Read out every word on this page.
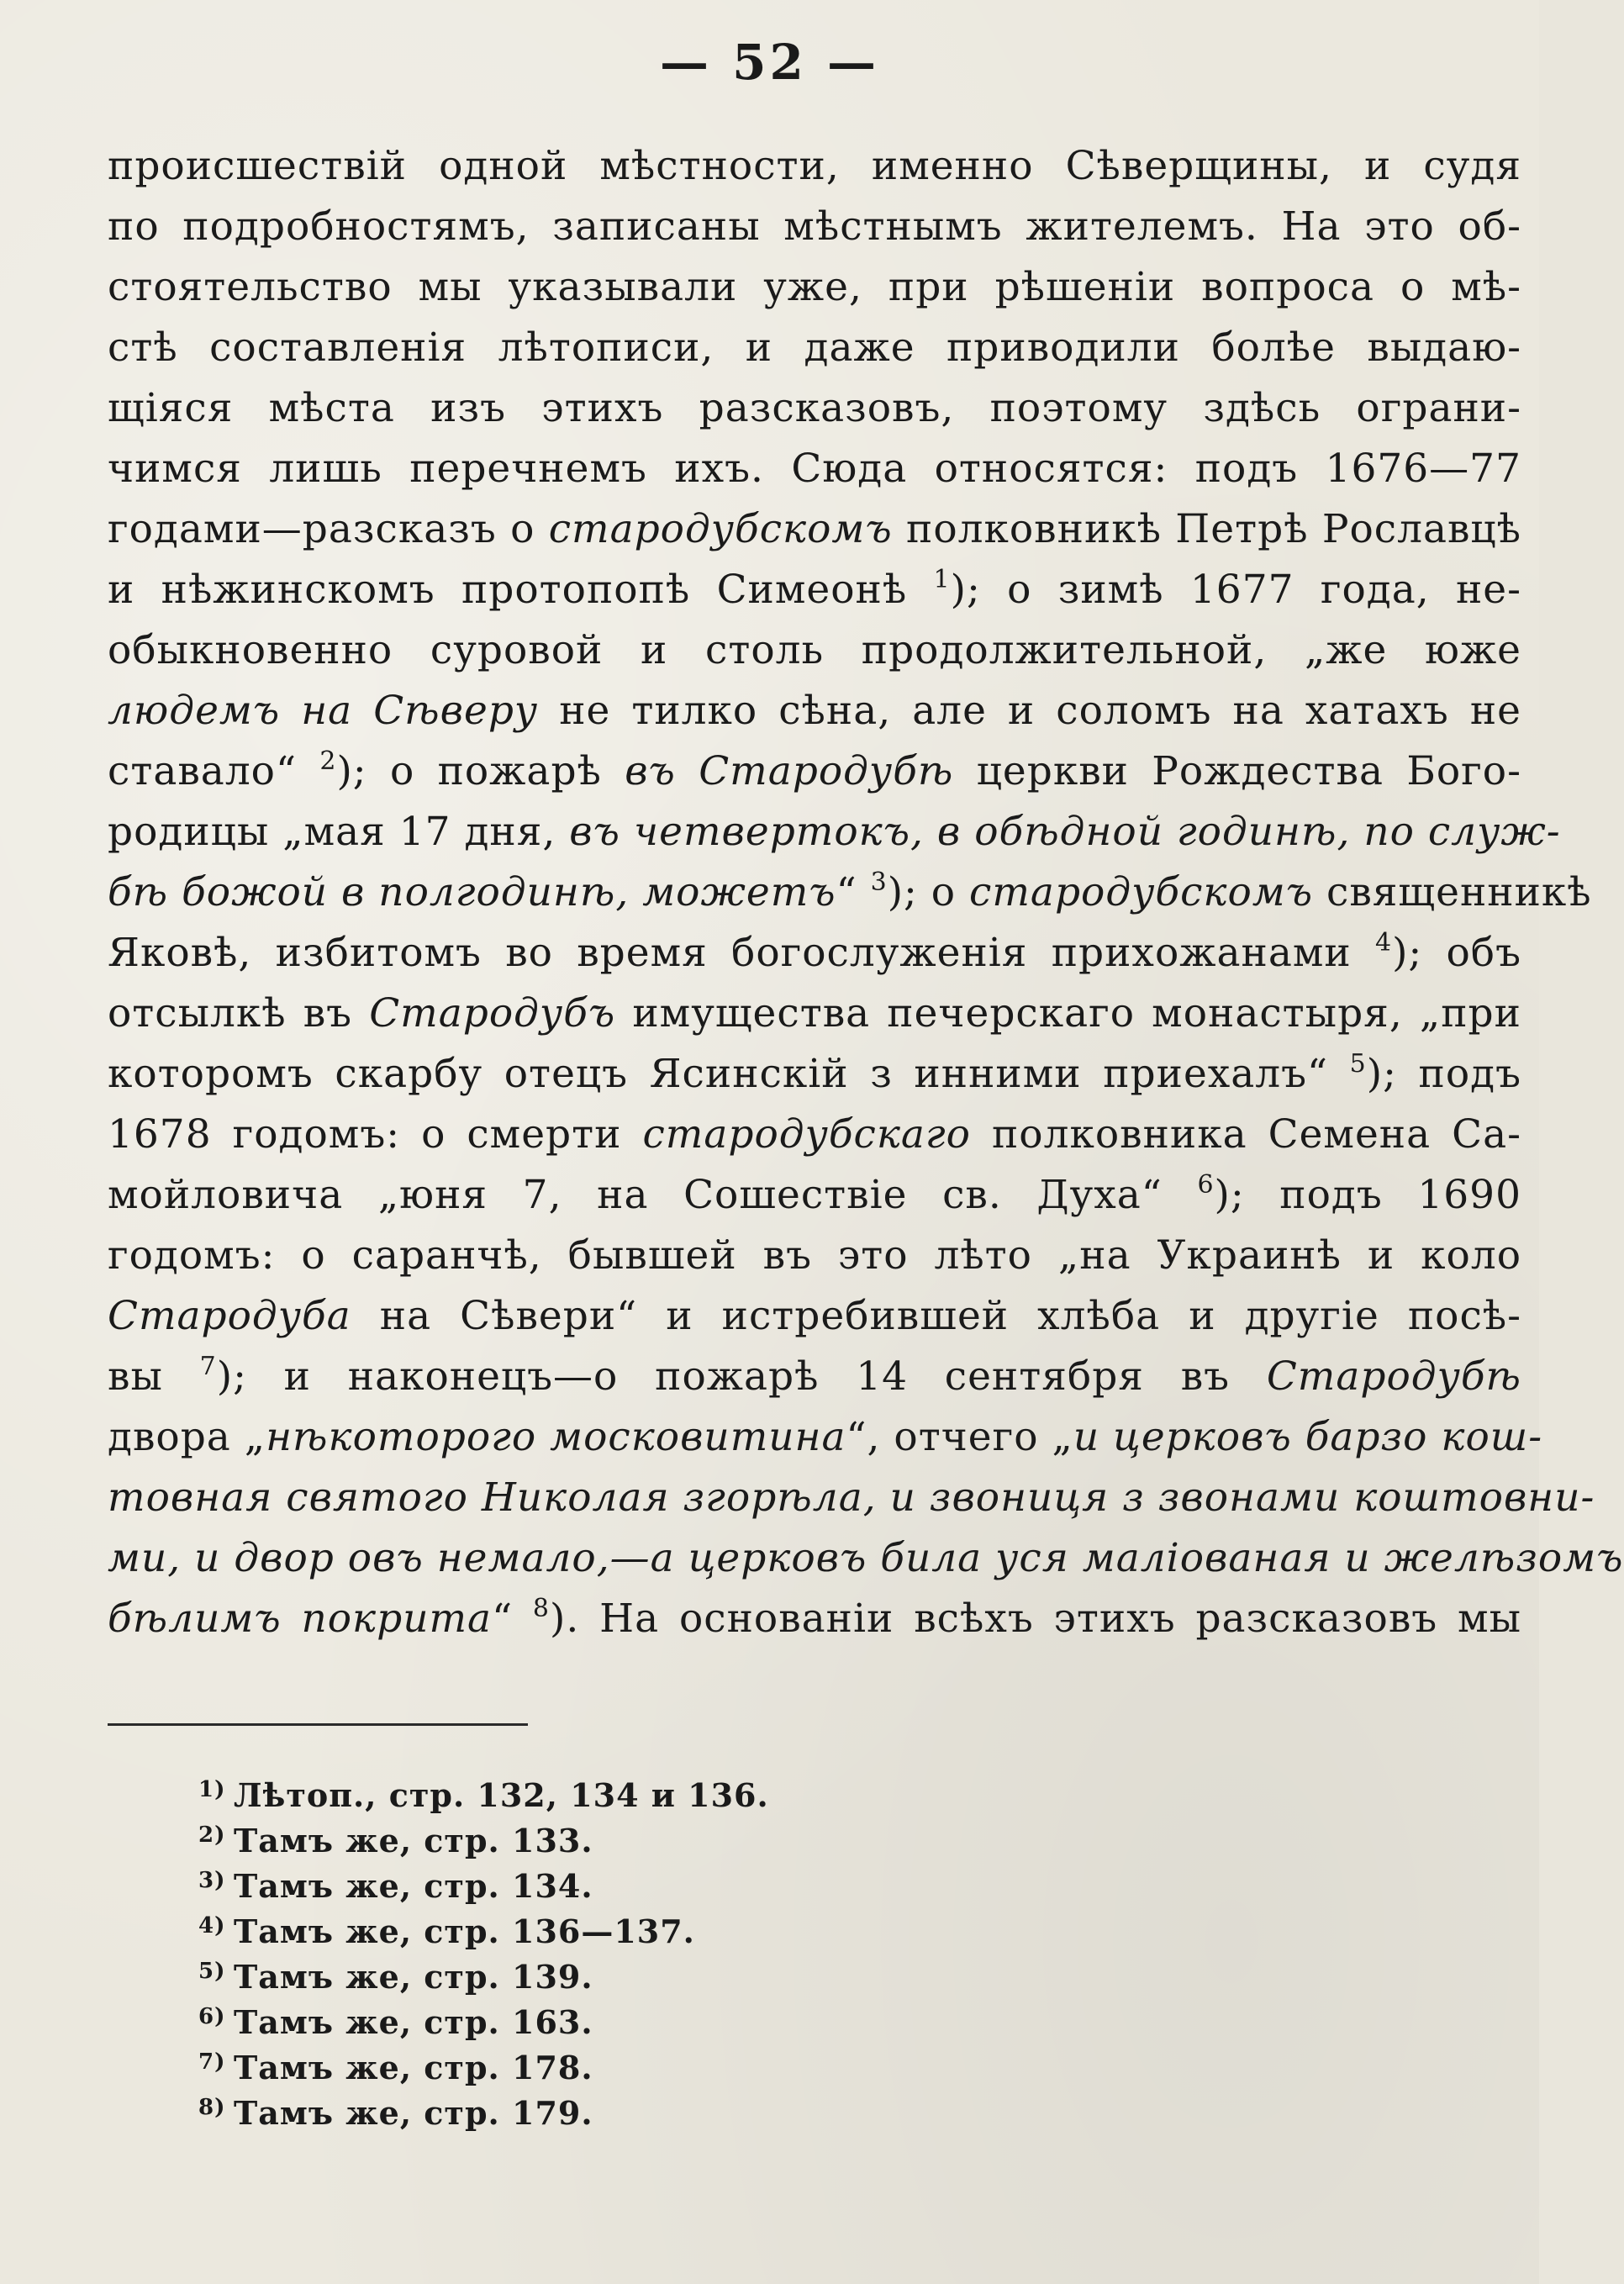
— 52 —
происшествій одной мѣстности, именно Сѣверщины, и судя
по подробностямъ, записаны мѣстнымъ жителемъ. На это об-
стоятельство мы указывали уже, при рѣшеніи вопроса о мѣ-
стѣ составленія лѣтописи, и даже приводили болѣе выдаю-
щіяся мѣста изъ этихъ разсказовъ, поэтому здѣсь ограни-
чимся лишь перечнемъ ихъ. Сюда относятся: подъ 1676—77
годами—разсказъ о стародубскомъ полковникѣ Петрѣ Рославцѣ
и нѣжинскомъ протопопѣ Симеонѣ $^1$); о зимѣ 1677 года, не-
обыкновенно суровой и столь продолжительной, „же юже
людемъ на Сѣверу не тилко сѣна, але и соломъ на хатахъ не
ставало“ $^2$); о пожарѣ въ Стародубѣ церкви Рождества Бого-
родицы „мая 17 дня, въ четвертокъ, в обѣдной годинѣ, по служ-
бѣ божой в полгодинѣ, можетъ“ $^3$); о стародубскомъ священникѣ
Яковѣ, избитомъ во время богослуженія прихожанами $^4$); объ
отсылкѣ въ Стародубъ имущества печерскаго монастыря, „при
которомъ скарбу отецъ Ясинскій з инними приехалъ“ $^5$); подъ
1678 годомъ: о смерти стародубскаго полковника Семена Са-
мойловича „юня 7, на Сошествіе св. Духа“ $^6$); подъ 1690
годомъ: о саранчѣ, бывшей въ это лѣто „на Украинѣ и коло
Стародуба на Сѣвери“ и истребившей хлѣба и другіе посѣ-
вы $^7$); и наконецъ—о пожарѣ 14 сентября въ Стародубѣ
двора „нѣкоторого московитина“, отчего „и церковъ барзо кош-
товная святого Николая згорѣла, и звониця з звонами коштовни-
ми, и двор овъ немало,—а церковъ била уся малiованая и желѣзомъ
бѣлимъ покрита“ $^8$). На основаніи всѣхъ этихъ разсказовъ мы
1) Лѣтоп., стр. 132, 134 и 136.
2) Тамъ же, стр. 133.
3) Тамъ же, стр. 134.
4) Тамъ же, стр. 136—137.
5) Тамъ же, стр. 139.
6) Тамъ же, стр. 163.
7) Тамъ же, стр. 178.
8) Тамъ же, стр. 179.
